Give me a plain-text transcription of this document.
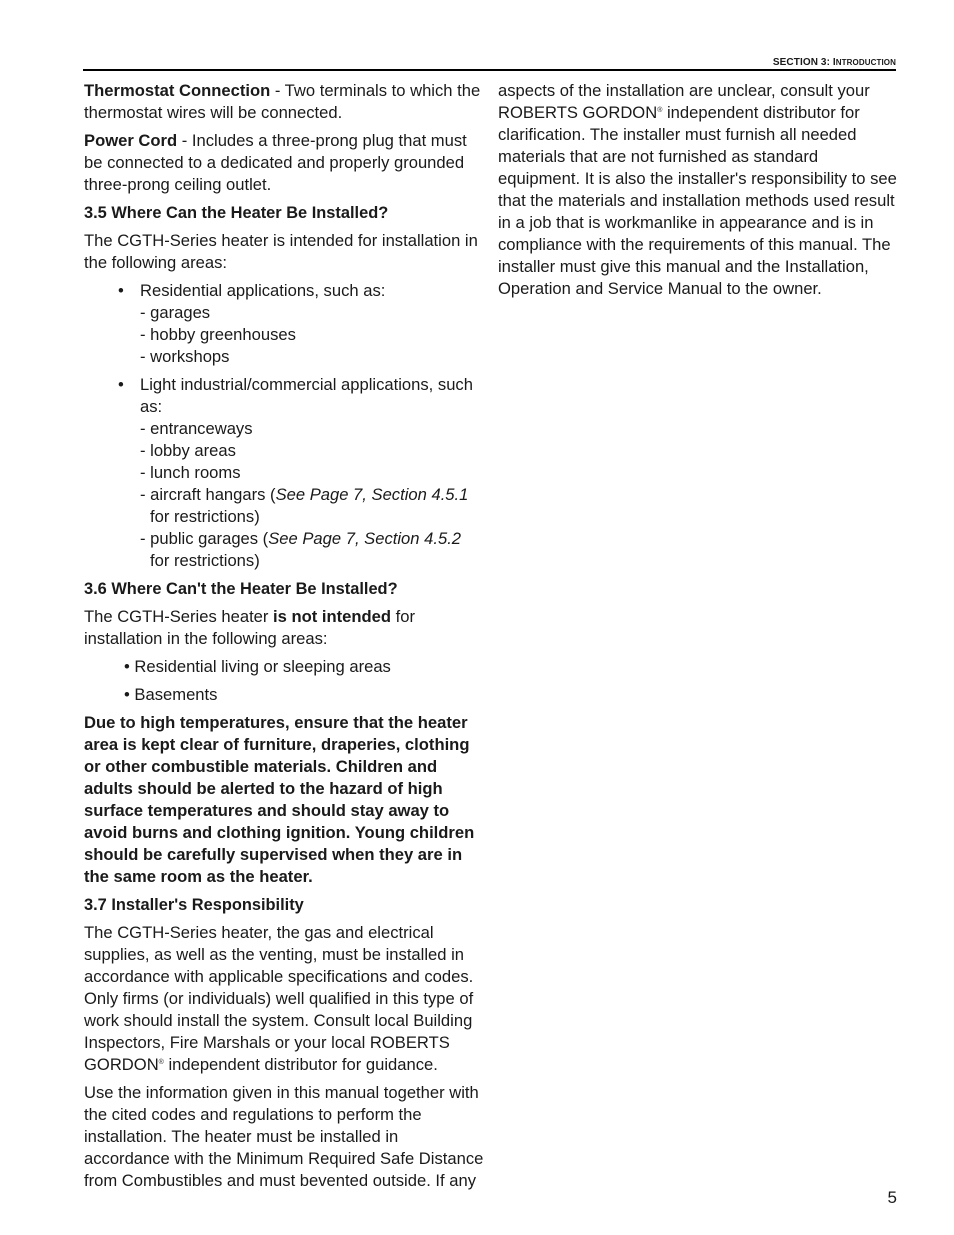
SECTION 3: INTRODUCTION

Thermostat Connection - Two terminals to which the thermostat wires will be connected.

Power Cord - Includes a three-prong plug that must be connected to a dedicated and properly grounded three-prong ceiling outlet.

3.5 Where Can the Heater Be Installed?

The CGTH-Series heater is intended for installation in the following areas:

• Residential applications, such as:
- garages
- hobby greenhouses
- workshops
• Light industrial/commercial applications, such as:
- entranceways
- lobby areas
- lunch rooms
- aircraft hangars (See Page 7, Section 4.5.1 for restrictions)
- public garages (See Page 7, Section 4.5.2 for restrictions)
3.6 Where Can't the Heater Be Installed?

The CGTH-Series heater is not intended for installation in the following areas:

• Residential living or sleeping areas
• Basements

Due to high temperatures, ensure that the heater area is kept clear of furniture, draperies, clothing or other combustible materials. Children and adults should be alerted to the hazard of high surface temperatures and should stay away to avoid burns and clothing ignition. Young children should be carefully supervised when they are in the same room as the heater.

3.7 Installer's Responsibility

The CGTH-Series heater, the gas and electrical supplies, as well as the venting, must be installed in accordance with applicable specifications and codes. Only firms (or individuals) well qualified in this type of work should install the system. Consult local Building Inspectors, Fire Marshals or your local ROBERTS GORDON® independent distributor for guidance.

Use the information given in this manual together with the cited codes and regulations to perform the installation. The heater must be installed in accordance with the Minimum Required Safe Distance from Combustibles and must bevented outside. If any

aspects of the installation are unclear, consult your ROBERTS GORDON® independent distributor for clarification. The installer must furnish all needed materials that are not furnished as standard equipment. It is also the installer's responsibility to see that the materials and installation methods used result in a job that is workmanlike in appearance and is in compliance with the requirements of this manual. The installer must give this manual and the Installation, Operation and Service Manual to the owner.

5
